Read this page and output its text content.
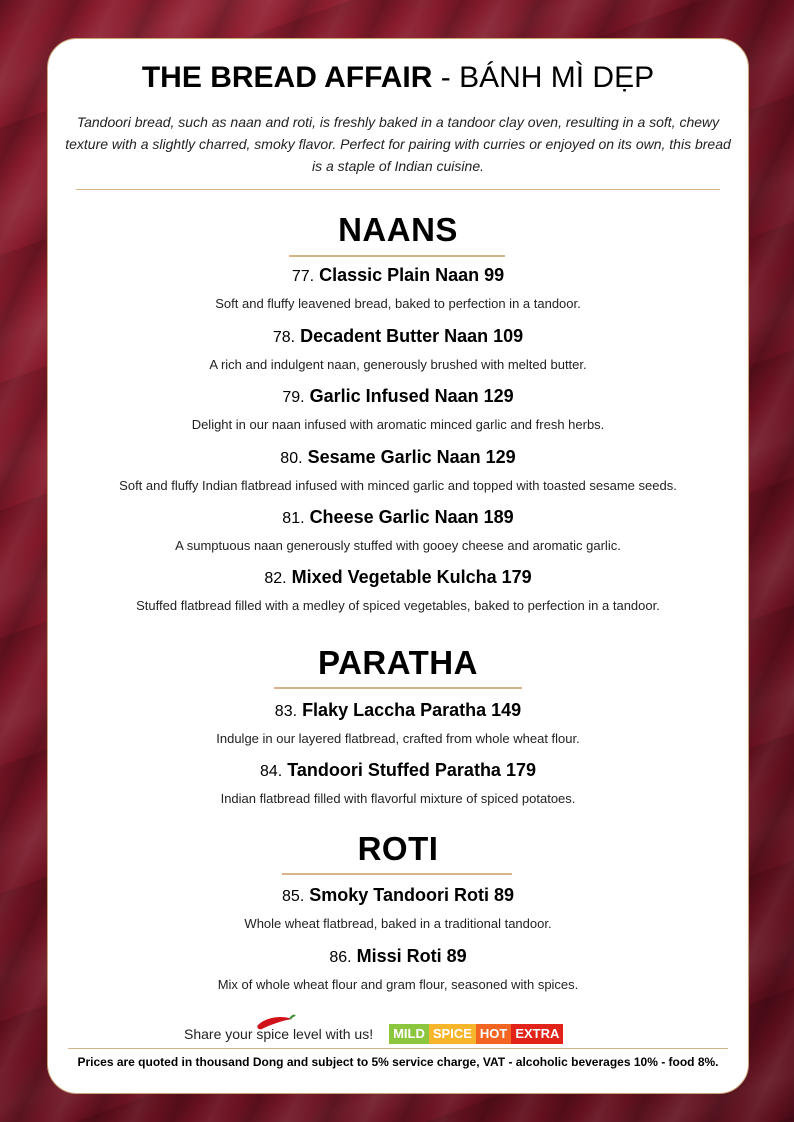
THE BREAD AFFAIR - BÁNH MÌ DẸP
Tandoori bread, such as naan and roti, is freshly baked in a tandoor clay oven, resulting in a soft, chewy texture with a slightly charred, smoky flavor. Perfect for pairing with curries or enjoyed on its own, this bread is a staple of Indian cuisine.
NAANS
77. Classic Plain Naan 99
Soft and fluffy leavened bread, baked to perfection in a tandoor.
78. Decadent Butter Naan 109
A rich and indulgent naan, generously brushed with melted butter.
79. Garlic Infused Naan 129
Delight in our naan infused with aromatic minced garlic and fresh herbs.
80. Sesame Garlic Naan 129
Soft and fluffy Indian flatbread infused with minced garlic and topped with toasted sesame seeds.
81. Cheese Garlic Naan 189
A sumptuous naan generously stuffed with gooey cheese and aromatic garlic.
82. Mixed Vegetable Kulcha 179
Stuffed flatbread filled with a medley of spiced vegetables, baked to perfection in a tandoor.
PARATHA
83. Flaky Laccha Paratha 149
Indulge in our layered flatbread, crafted from whole wheat flour.
84. Tandoori Stuffed Paratha 179
Indian flatbread filled with flavorful mixture of spiced potatoes.
ROTI
85. Smoky Tandoori Roti 89
Whole wheat flatbread, baked in a traditional tandoor.
86. Missi Roti 89
Mix of whole wheat flour and gram flour, seasoned with spices.
Share your spice level with us!	MILD SPICE HOT EXTRA
Prices are quoted in thousand Dong and subject to 5% service charge, VAT - alcoholic beverages 10% - food 8%.
